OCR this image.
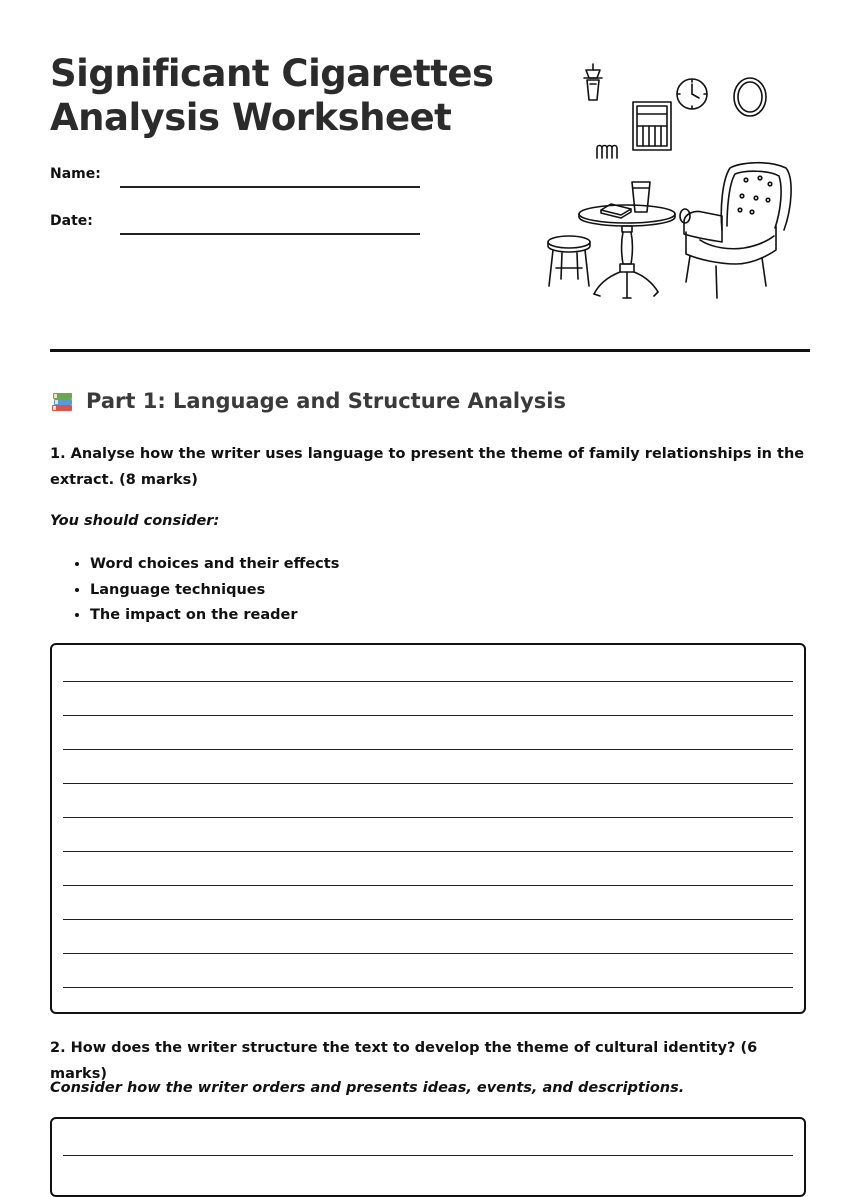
Significant Cigarettes
Analysis Worksheet
Name:
Date:
Part 1: Language and Structure Analysis

1. Analyse how the writer uses language to present the theme of family relationships in the extract. (8 marks)

You should consider:

• Word choices and their effects
• Language techniques
• The impact on the reader

2. How does the writer structure the text to develop the theme of cultural identity? (6 marks)

Consider how the writer orders and presents ideas, events, and descriptions.
